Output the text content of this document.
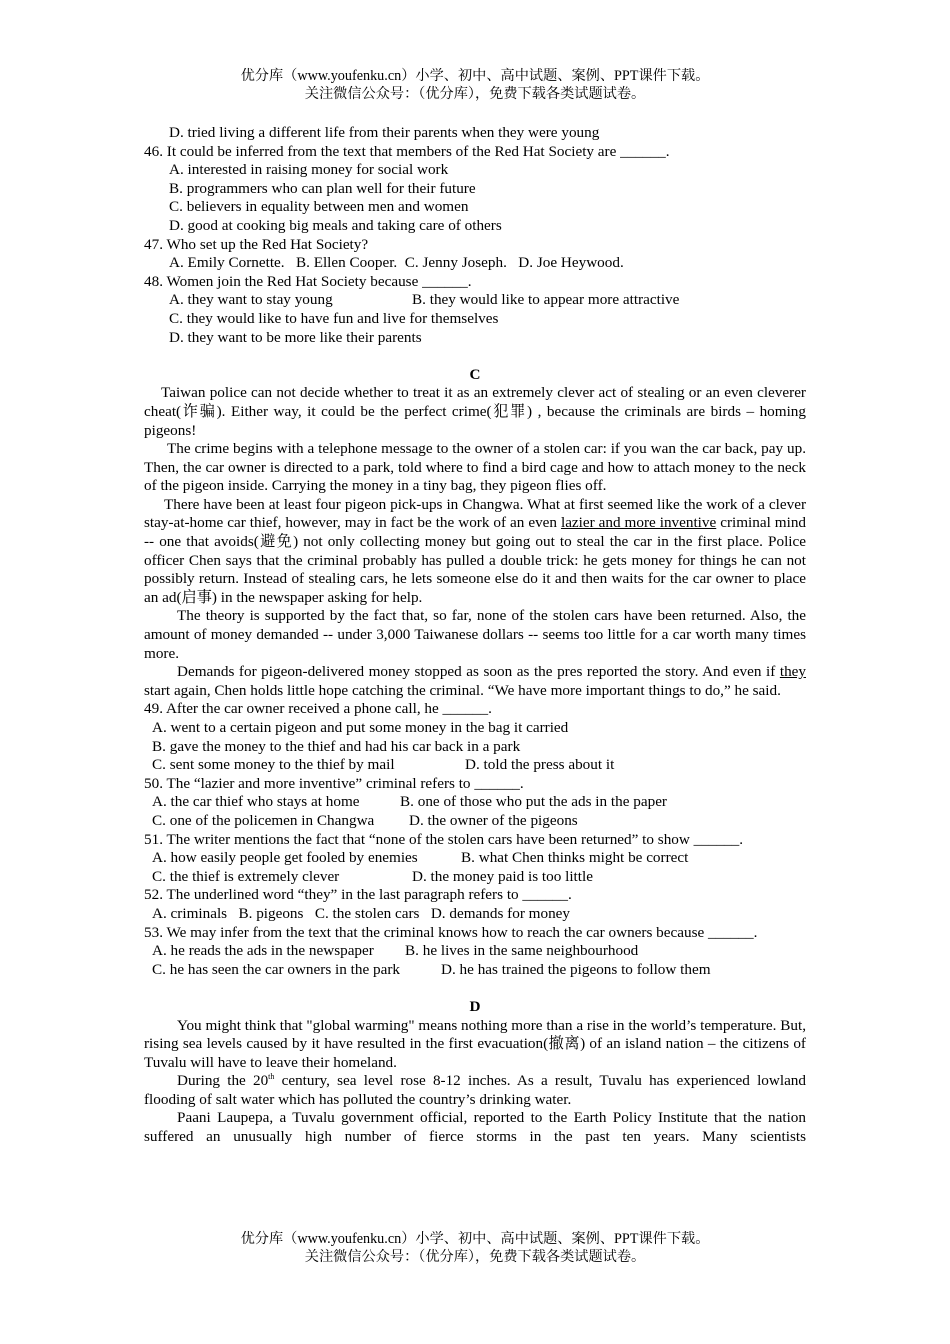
优分库（www.youfenku.cn）小学、初中、高中试题、案例、PPT课件下载。
关注微信公众号：（优分库），免费下载各类试题试卷。
D. tried living a different life from their parents when they were young
46. It could be inferred from the text that members of the Red Hat Society are ______.
A. interested in raising money for social work
B. programmers who can plan well for their future
C. believers in equality between men and women
D. good at cooking big meals and taking care of others
47. Who set up the Red Hat Society?
A. Emily Cornette.   B. Ellen Cooper.  C. Jenny Joseph.   D. Joe Heywood.
48. Women join the Red Hat Society because ______.
A. they want to stay young	B. they would like to appear more attractive
C. they would like to have fun and live for themselves
D. they want to be more like their parents
C
Taiwan police can not decide whether to treat it as an extremely clever act of stealing or an even cleverer cheat(诈骗). Either way, it could be the perfect crime(犯罪) , because the criminals are birds – homing pigeons!
The crime begins with a telephone message to the owner of a stolen car: if you wan the car back, pay up. Then, the car owner is directed to a park, told where to find a bird cage and how to attach money to the neck of the pigeon inside. Carrying the money in a tiny bag, they pigeon flies off.
There have been at least four pigeon pick-ups in Changwa. What at first seemed like the work of a clever stay-at-home car thief, however, may in fact be the work of an even lazier and more inventive criminal mind -- one that avoids(避免) not only collecting money but going out to steal the car in the first place. Police officer Chen says that the criminal probably has pulled a double trick: he gets money for things he can not possibly return. Instead of stealing cars, he lets someone else do it and then waits for the car owner to place an ad(启事) in the newspaper asking for help.
The theory is supported by the fact that, so far, none of the stolen cars have been returned. Also, the amount of money demanded -- under 3,000 Taiwanese dollars -- seems too little for a car worth many times more.
Demands for pigeon-delivered money stopped as soon as the pres reported the story. And even if they start again, Chen holds little hope catching the criminal. “We have more important things to do,” he said.
49. After the car owner received a phone call, he ______.
A. went to a certain pigeon and put some money in the bag it carried
B. gave the money to the thief and had his car back in a park
C. sent some money to the thief by mail	D. told the press about it
50. The “lazier and more inventive” criminal refers to ______.
A. the car thief who stays at home	B. one of those who put the ads in the paper
C. one of the policemen in Changwa D. the owner of the pigeons
51. The writer mentions the fact that “none of the stolen cars have been returned” to show ______.
A. how easily people get fooled by enemies	B. what Chen thinks might be correct
C. the thief is extremely clever	D. the money paid is too little
52. The underlined word “they” in the last paragraph refers to ______.
A. criminals   B. pigeons   C. the stolen cars   D. demands for money
53. We may infer from the text that the criminal knows how to reach the car owners because ______.
A. he reads the ads in the newspaper B. he lives in the same neighbourhood
C. he has seen the car owners in the park	D. he has trained the pigeons to follow them
D
You might think that "global warming" means nothing more than a rise in the world’s temperature. But, rising sea levels caused by it have resulted in the first evacuation(撤离) of an island nation – the citizens of Tuvalu will have to leave their homeland.
During the 20th century, sea level rose 8-12 inches. As a result, Tuvalu has experienced lowland flooding of salt water which has polluted the country’s drinking water.
Paani Laupepa, a Tuvalu government official, reported to the Earth Policy Institute that the nation suffered an unusually high number of fierce storms in the past ten years. Many scientists
优分库（www.youfenku.cn）小学、初中、高中试题、案例、PPT课件下载。
关注微信公众号：（优分库），免费下载各类试题试卷。
